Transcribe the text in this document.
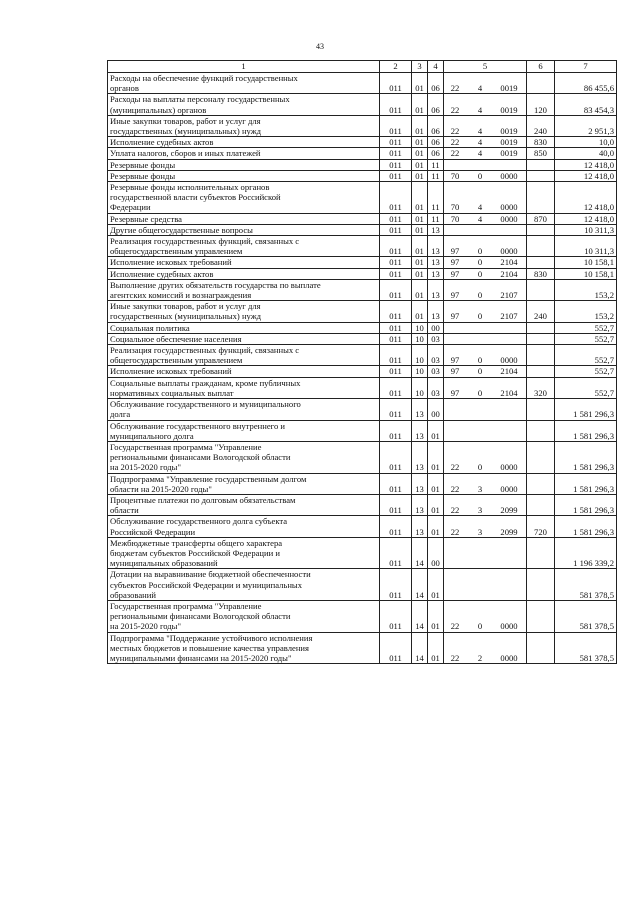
43
1	2	3	4	5	6	7
Расходы на обеспечение функций государственных
органов	011	01	06	22 4 0019		86 455,6
Расходы на выплаты персоналу государственных
(муниципальных) органов	011	01	06	22 4 0019	120	83 454,3
Иные закупки товаров, работ и услуг для
государственных (муниципальных) нужд	011	01	06	22 4 0019	240	2 951,3
Исполнение судебных актов	011	01	06	22 4 0019	830	10,0
Уплата налогов, сборов и иных платежей	011	01	06	22 4 0019	850	40,0
Резервные фонды	011	01	11			12 418,0
Резервные фонды	011	01	11	70 0 0000		12 418,0
Резервные фонды исполнительных органов
государственной власти субъектов Российской
Федерации	011	01	11	70 4 0000		12 418,0
Резервные средства	011	01	11	70 4 0000	870	12 418,0
Другие общегосударственные вопросы	011	01	13			10 311,3
Реализация государственных функций, связанных с
общегосударственным управлением	011	01	13	97 0 0000		10 311,3
Исполнение исковых требований	011	01	13	97 0 2104		10 158,1
Исполнение судебных актов	011	01	13	97 0 2104	830	10 158,1
Выполнение других обязательств государства по выплате
агентских комиссий и вознаграждения	011	01	13	97 0 2107		153,2
Иные закупки товаров, работ и услуг для
государственных (муниципальных) нужд	011	01	13	97 0 2107	240	153,2
Социальная политика	011	10	00			552,7
Социальное обеспечение населения	011	10	03			552,7
Реализация государственных функций, связанных с
общегосударственным управлением	011	10	03	97 0 0000		552,7
Исполнение исковых требований	011	10	03	97 0 2104		552,7
Социальные выплаты гражданам, кроме публичных
нормативных социальных выплат	011	10	03	97 0 2104	320	552,7
Обслуживание государственного и муниципального
долга	011	13	00			1 581 296,3
Обслуживание государственного внутреннего и
муниципального долга	011	13	01			1 581 296,3
Государственная программа "Управление
региональными финансами Вологодской области
на 2015-2020 годы"	011	13	01	22 0 0000		1 581 296,3
Подпрограмма "Управление государственным долгом
области на 2015-2020 годы"	011	13	01	22 3 0000		1 581 296,3
Процентные платежи по долговым обязательствам
области	011	13	01	22 3 2099		1 581 296,3
Обслуживание государственного долга субъекта
Российской Федерации	011	13	01	22 3 2099	720	1 581 296,3
Межбюджетные трансферты общего характера
бюджетам субъектов Российской Федерации и
муниципальных образований	011	14	00			1 196 339,2
Дотации на выравнивание бюджетной обеспеченности
субъектов Российской Федерации и муниципальных
образований	011	14	01			581 378,5
Государственная программа "Управление
региональными финансами Вологодской области
на 2015-2020 годы"	011	14	01	22 0 0000		581 378,5
Подпрограмма "Поддержание устойчивого исполнения
местных бюджетов и повышение качества управления
муниципальными финансами на 2015-2020 годы"	011	14	01	22 2 0000		581 378,5
